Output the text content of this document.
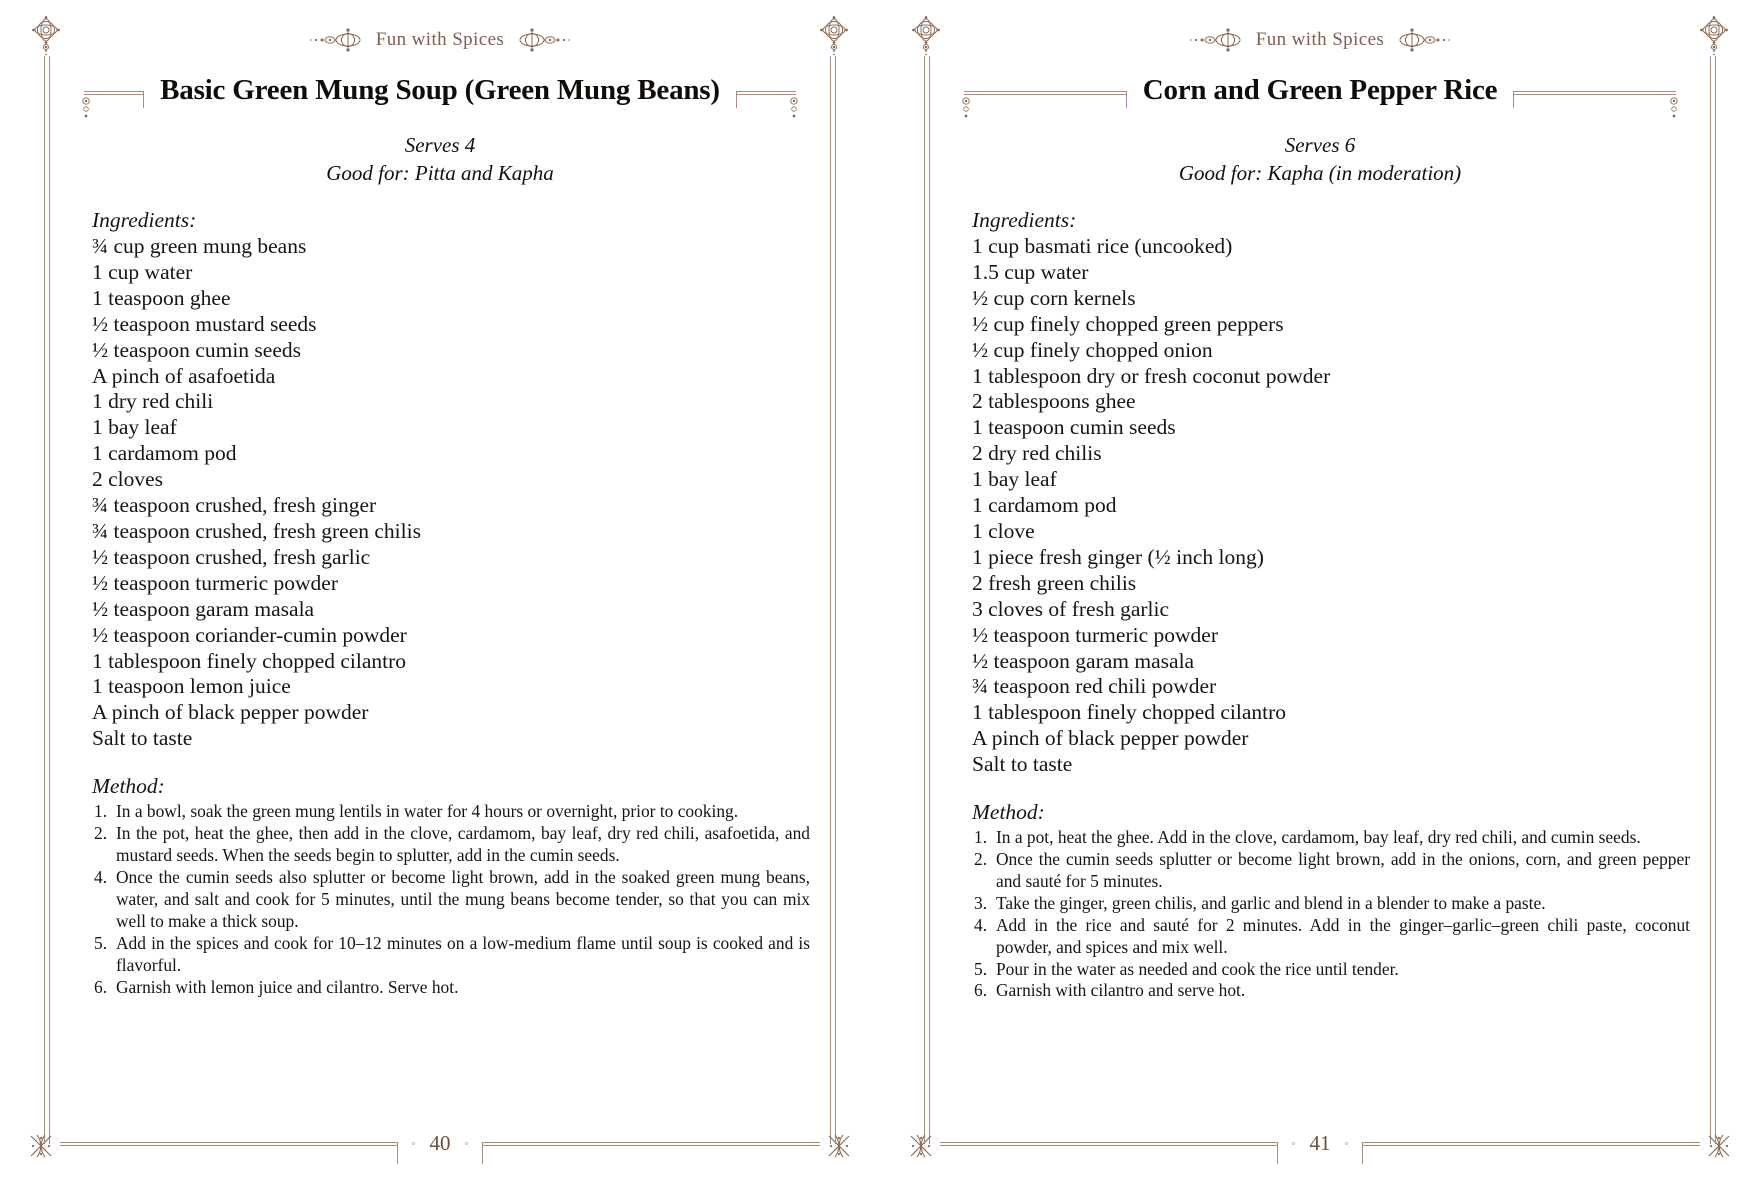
Fun with Spices
Basic Green Mung Soup (Green Mung Beans)
Serves 4
Good for: Pitta and Kapha
Ingredients:
¾ cup green mung beans
1 cup water
1 teaspoon ghee
½ teaspoon mustard seeds
½ teaspoon cumin seeds
A pinch of asafoetida
1 dry red chili
1 bay leaf
1 cardamom pod
2 cloves
¾ teaspoon crushed, fresh ginger
¾ teaspoon crushed, fresh green chilis
½ teaspoon crushed, fresh garlic
½ teaspoon turmeric powder
½ teaspoon garam masala
½ teaspoon coriander-cumin powder
1 tablespoon finely chopped cilantro
1 teaspoon lemon juice
A pinch of black pepper powder
Salt to taste
Method:
1. In a bowl, soak the green mung lentils in water for 4 hours or overnight, prior to cooking.
2. In the pot, heat the ghee, then add in the clove, cardamom, bay leaf, dry red chili, asafoetida, and mustard seeds. When the seeds begin to splutter, add in the cumin seeds.
4. Once the cumin seeds also splutter or become light brown, add in the soaked green mung beans, water, and salt and cook for 5 minutes, until the mung beans become tender, so that you can mix well to make a thick soup.
5. Add in the spices and cook for 10–12 minutes on a low-medium flame until soup is cooked and is flavorful.
6. Garnish with lemon juice and cilantro. Serve hot.
◦ 40 ◦
Fun with Spices
Corn and Green Pepper Rice
Serves 6
Good for: Kapha (in moderation)
Ingredients:
1 cup basmati rice (uncooked)
1.5 cup water
½ cup corn kernels
½ cup finely chopped green peppers
½ cup finely chopped onion
1 tablespoon dry or fresh coconut powder
2 tablespoons ghee
1 teaspoon cumin seeds
2 dry red chilis
1 bay leaf
1 cardamom pod
1 clove
1 piece fresh ginger (½ inch long)
2 fresh green chilis
3 cloves of fresh garlic
½ teaspoon turmeric powder
½ teaspoon garam masala
¾ teaspoon red chili powder
1 tablespoon finely chopped cilantro
A pinch of black pepper powder
Salt to taste
Method:
1. In a pot, heat the ghee. Add in the clove, cardamom, bay leaf, dry red chili, and cumin seeds.
2. Once the cumin seeds splutter or become light brown, add in the onions, corn, and green pepper and sauté for 5 minutes.
3. Take the ginger, green chilis, and garlic and blend in a blender to make a paste.
4. Add in the rice and sauté for 2 minutes. Add in the ginger–garlic–green chili paste, coconut powder, and spices and mix well.
5. Pour in the water as needed and cook the rice until tender.
6. Garnish with cilantro and serve hot.
◦ 41 ◦
